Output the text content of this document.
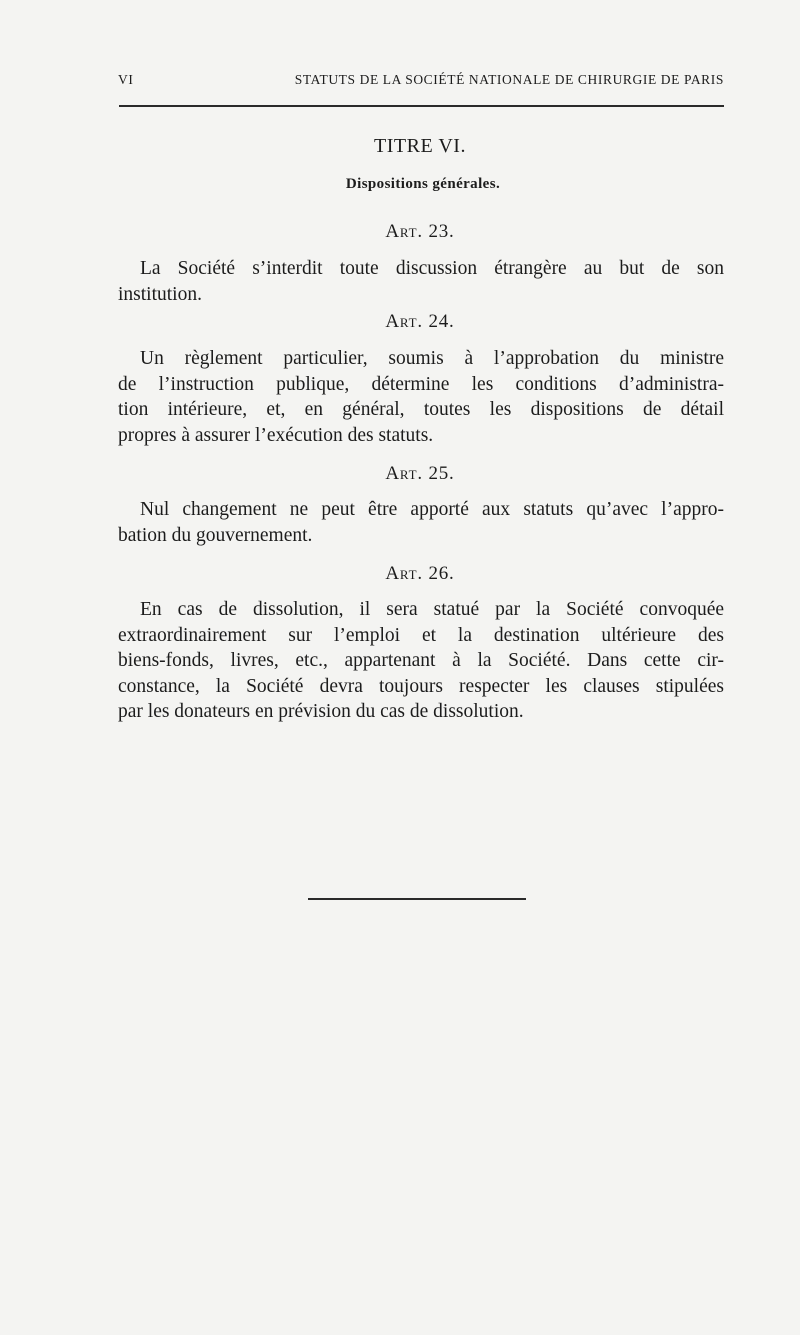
VI	STATUTS DE LA SOCIÉTÉ NATIONALE DE CHIRURGIE DE PARIS
TITRE VI.
Dispositions générales.
Art. 23.

La Société s’interdit toute discussion étrangère au but de son
institution.

Art. 24.

Un règlement particulier, soumis à l’approbation du ministre
de l’instruction publique, détermine les conditions d’administra-
tion intérieure, et, en général, toutes les dispositions de détail
propres à assurer l’exécution des statuts.

Art. 25.

Nul changement ne peut être apporté aux statuts qu’avec l’appro-
bation du gouvernement.

Art. 26.

En cas de dissolution, il sera statué par la Société convoquée
extraordinairement sur l’emploi et la destination ultérieure des
biens-fonds, livres, etc., appartenant à la Société. Dans cette cir-
constance, la Société devra toujours respecter les clauses stipulées
par les donateurs en prévision du cas de dissolution.
